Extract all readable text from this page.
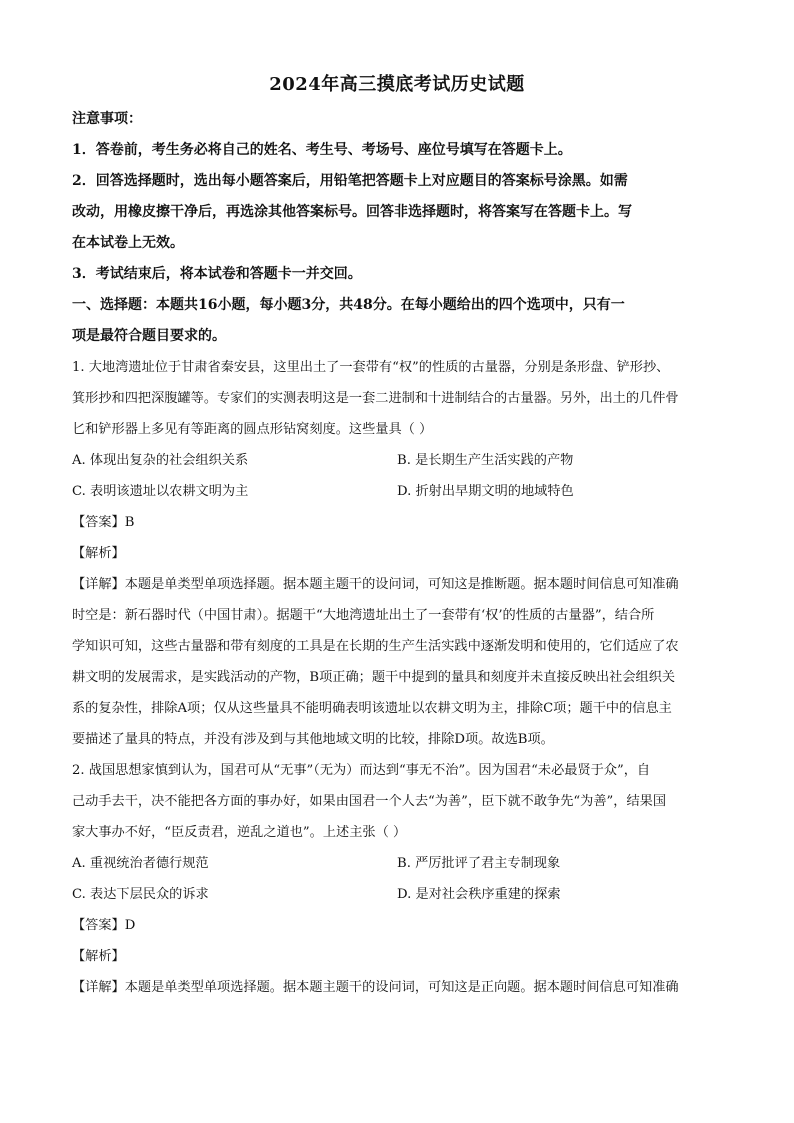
2024年高三摸底考试历史试题
注意事项：
1．答卷前，考生务必将自己的姓名、考生号、考场号、座位号填写在答题卡上。
2．回答选择题时，选出每小题答案后，用铅笔把答题卡上对应题目的答案标号涂黑。如需
改动，用橡皮擦干净后，再选涂其他答案标号。回答非选择题时，将答案写在答题卡上。写
在本试卷上无效。
3．考试结束后，将本试卷和答题卡一并交回。
一、选择题：本题共16小题，每小题3分，共48分。在每小题给出的四个选项中，只有一
项是最符合题目要求的。
1. 大地湾遗址位于甘肃省秦安县，这里出土了一套带有“权”的性质的古量器，分别是条形盘、铲形抄、
箕形抄和四把深腹罐等。专家们的实测表明这是一套二进制和十进制结合的古量器。另外，出土的几件骨
匕和铲形器上多见有等距离的圆点形钻窝刻度。这些量具（ ）
A. 体现出复杂的社会组织关系	B. 是长期生产生活实践的产物
C. 表明该遗址以农耕文明为主	D. 折射出早期文明的地域特色
【答案】B
【解析】
【详解】本题是单类型单项选择题。据本题主题干的设问词，可知这是推断题。据本题时间信息可知准确
时空是：新石器时代（中国甘肃）。据题干“大地湾遗址出土了一套带有‘权’的性质的古量器”，结合所
学知识可知，这些古量器和带有刻度的工具是在长期的生产生活实践中逐渐发明和使用的，它们适应了农
耕文明的发展需求，是实践活动的产物，B项正确；题干中提到的量具和刻度并未直接反映出社会组织关
系的复杂性，排除A项；仅从这些量具不能明确表明该遗址以农耕文明为主，排除C项；题干中的信息主
要描述了量具的特点，并没有涉及到与其他地域文明的比较，排除D项。故选B项。
2. 战国思想家慎到认为，国君可从“无事”（无为）而达到“事无不治”。因为国君“未必最贤于众”，自
己动手去干，决不能把各方面的事办好，如果由国君一个人去“为善”，臣下就不敢争先“为善”，结果国
家大事办不好，“臣反责君，逆乱之道也”。上述主张（ ）
A. 重视统治者德行规范	B. 严厉批评了君主专制现象
C. 表达下层民众的诉求	D. 是对社会秩序重建的探索
【答案】D
【解析】
【详解】本题是单类型单项选择题。据本题主题干的设问词，可知这是正向题。据本题时间信息可知准确
